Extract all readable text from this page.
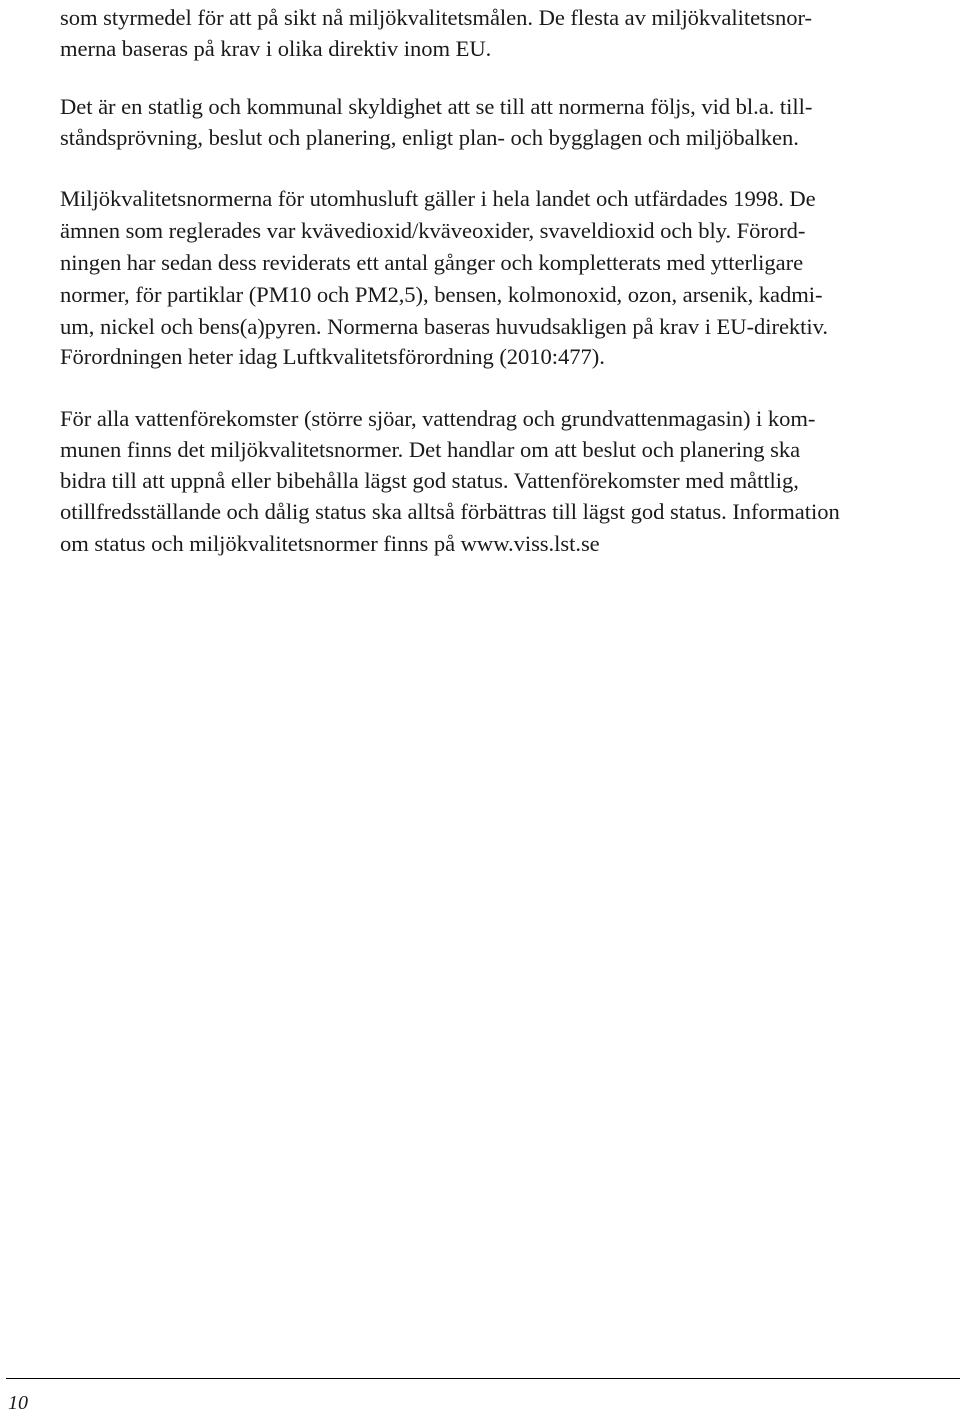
som styrmedel för att på sikt nå miljökvalitetsmålen. De flesta av miljökvalitetsnor-
merna baseras på krav i olika direktiv inom EU.
Det är en statlig och kommunal skyldighet att se till att normerna följs, vid bl.a. till-
ståndsprövning, beslut och planering, enligt plan- och bygglagen och miljöbalken.
Miljökvalitetsnormerna för utomhusluft gäller i hela landet och utfärdades 1998. De
ämnen som reglerades var kvävedioxid/kväveoxider, svaveldioxid och bly. Förord-
ningen har sedan dess reviderats ett antal gånger och kompletterats med ytterligare
normer, för partiklar (PM10 och PM2,5), bensen, kolmonoxid, ozon, arsenik, kadmi-
um, nickel och bens(a)pyren. Normerna baseras huvudsakligen på krav i EU-direktiv.
Förordningen heter idag Luftkvalitetsförordning (2010:477).
För alla vattenförekomster (större sjöar, vattendrag och grundvattenmagasin) i kom-
munen finns det miljökvalitetsnormer. Det handlar om att beslut och planering ska
bidra till att uppnå eller bibehålla lägst god status. Vattenförekomster med måttlig,
otillfredsställande och dålig status ska alltså förbättras till lägst god status. Information
om status och miljökvalitetsnormer finns på www.viss.lst.se
10
